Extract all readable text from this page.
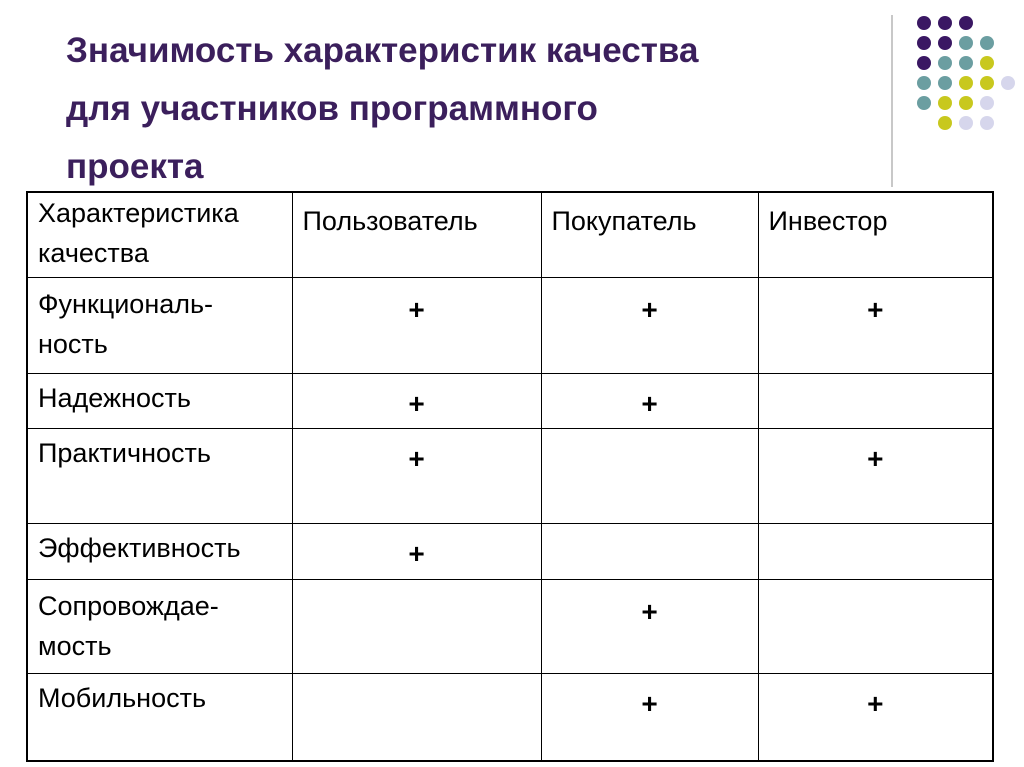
Значимость характеристик качества
для участников программного
проекта
Характеристика
качества	Пользователь	Покупатель	Инвестор
Функциональ-
ность	+	+	+
Надежность	+	+	
Практичность	+		+
Эффективность	+		
Сопровождае-
мость		+	
Мобильность		+	+
